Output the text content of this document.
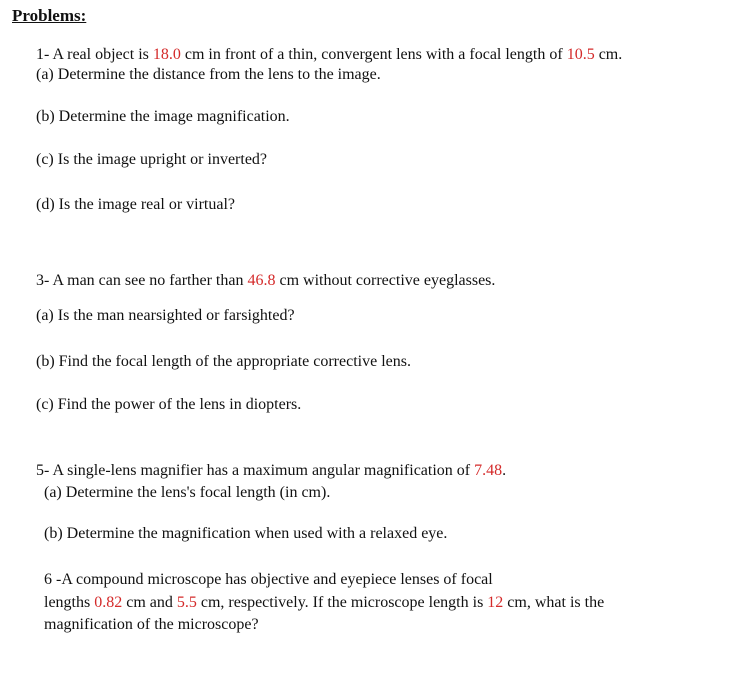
Problems:
1- A real object is 18.0 cm in front of a thin, convergent lens with a focal length of 10.5 cm.
(a) Determine the distance from the lens to the image.
(b) Determine the image magnification.
(c) Is the image upright or inverted?
(d) Is the image real or virtual?
3- A man can see no farther than 46.8 cm without corrective eyeglasses.
(a) Is the man nearsighted or farsighted?
(b) Find the focal length of the appropriate corrective lens.
(c) Find the power of the lens in diopters.
5- A single-lens magnifier has a maximum angular magnification of 7.48.
(a) Determine the lens's focal length (in cm).
(b) Determine the magnification when used with a relaxed eye.
6 -A compound microscope has objective and eyepiece lenses of focal
lengths 0.82 cm and 5.5 cm, respectively. If the microscope length is 12 cm, what is the
magnification of the microscope?
